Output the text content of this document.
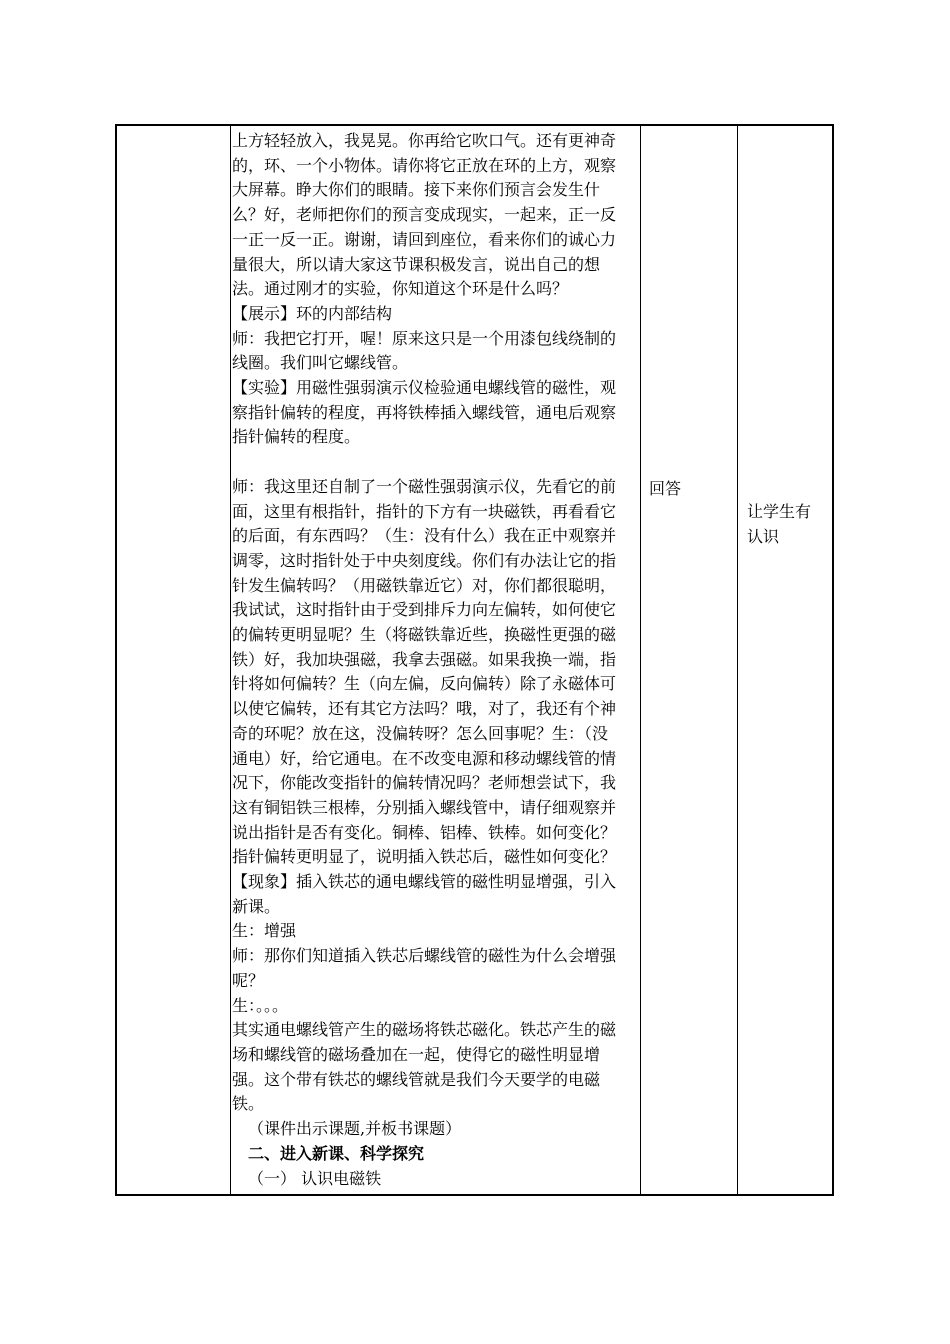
上方轻轻放入，我晃晃。你再给它吹口气。还有更神奇
的，环、一个小物体。请你将它正放在环的上方，观察
大屏幕。睁大你们的眼睛。接下来你们预言会发生什
么？好，老师把你们的预言变成现实，一起来，正一反
一正一反一正。谢谢，请回到座位，看来你们的诚心力
量很大，所以请大家这节课积极发言，说出自己的想
法。通过刚才的实验，你知道这个环是什么吗？
【展示】环的内部结构
师：我把它打开，喔！原来这只是一个用漆包线绕制的
线圈。我们叫它螺线管。
【实验】用磁性强弱演示仪检验通电螺线管的磁性，观
察指针偏转的程度，再将铁棒插入螺线管，通电后观察
指针偏转的程度。
师：我这里还自制了一个磁性强弱演示仪，先看它的前
面，这里有根指针，指针的下方有一块磁铁，再看看它
的后面，有东西吗？（生：没有什么）我在正中观察并
调零，这时指针处于中央刻度线。你们有办法让它的指
针发生偏转吗？（用磁铁靠近它）对，你们都很聪明，
我试试，这时指针由于受到排斥力向左偏转，如何使它
的偏转更明显呢？生（将磁铁靠近些，换磁性更强的磁
铁）好，我加块强磁，我拿去强磁。如果我换一端，指
针将如何偏转？生（向左偏，反向偏转）除了永磁体可
以使它偏转，还有其它方法吗？哦，对了，我还有个神
奇的环呢？放在这，没偏转呀？怎么回事呢？生：（没
通电）好，给它通电。在不改变电源和移动螺线管的情
况下，你能改变指针的偏转情况吗？老师想尝试下，我
这有铜铝铁三根棒，分别插入螺线管中，请仔细观察并
说出指针是否有变化。铜棒、铝棒、铁棒。如何变化？
指针偏转更明显了，说明插入铁芯后，磁性如何变化？
【现象】插入铁芯的通电螺线管的磁性明显增强，引入
新课。
生：增强
师：那你们知道插入铁芯后螺线管的磁性为什么会增强
呢？
生：。。。
其实通电螺线管产生的磁场将铁芯磁化。铁芯产生的磁
场和螺线管的磁场叠加在一起，使得它的磁性明显增
强。这个带有铁芯的螺线管就是我们今天要学的电磁
铁。
（课件出示课题,并板书课题）
二、进入新课、科学探究
（一） 认识电磁铁
回答
让学生有
认识
